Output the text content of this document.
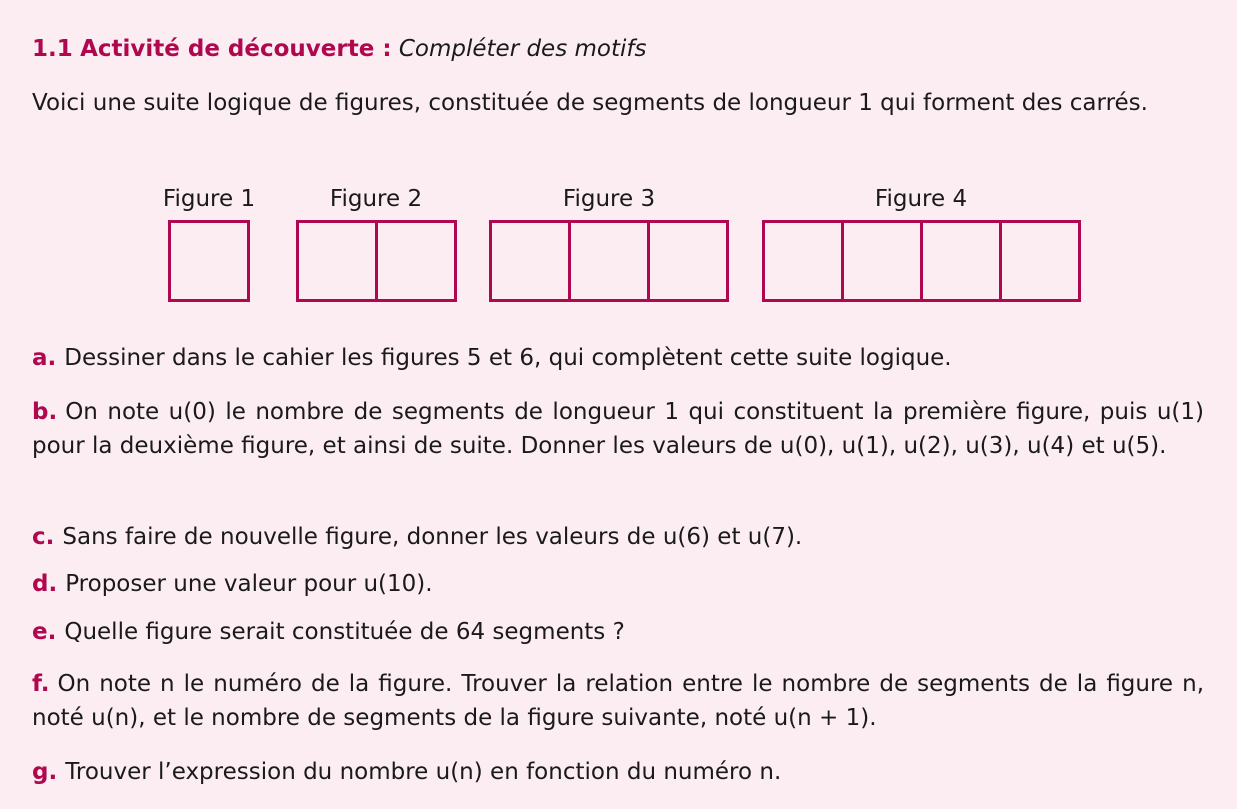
1.1 Activité de découverte : Compléter des motifs
Voici une suite logique de figures, constituée de segments de longueur 1 qui forment des carrés.
Figure 1	Figure 2	Figure 3	Figure 4
a. Dessiner dans le cahier les figures 5 et 6, qui complètent cette suite logique.
b. On note u(0) le nombre de segments de longueur 1 qui constituent la première figure, puis u(1) pour la deuxième figure, et ainsi de suite. Donner les valeurs de u(0), u(1), u(2), u(3), u(4) et u(5).
c. Sans faire de nouvelle figure, donner les valeurs de u(6) et u(7).
d. Proposer une valeur pour u(10).
e. Quelle figure serait constituée de 64 segments ?
f. On note n le numéro de la figure. Trouver la relation entre le nombre de segments de la figure n, noté u(n), et le nombre de segments de la figure suivante, noté u(n + 1).
g. Trouver l’expression du nombre u(n) en fonction du numéro n.
